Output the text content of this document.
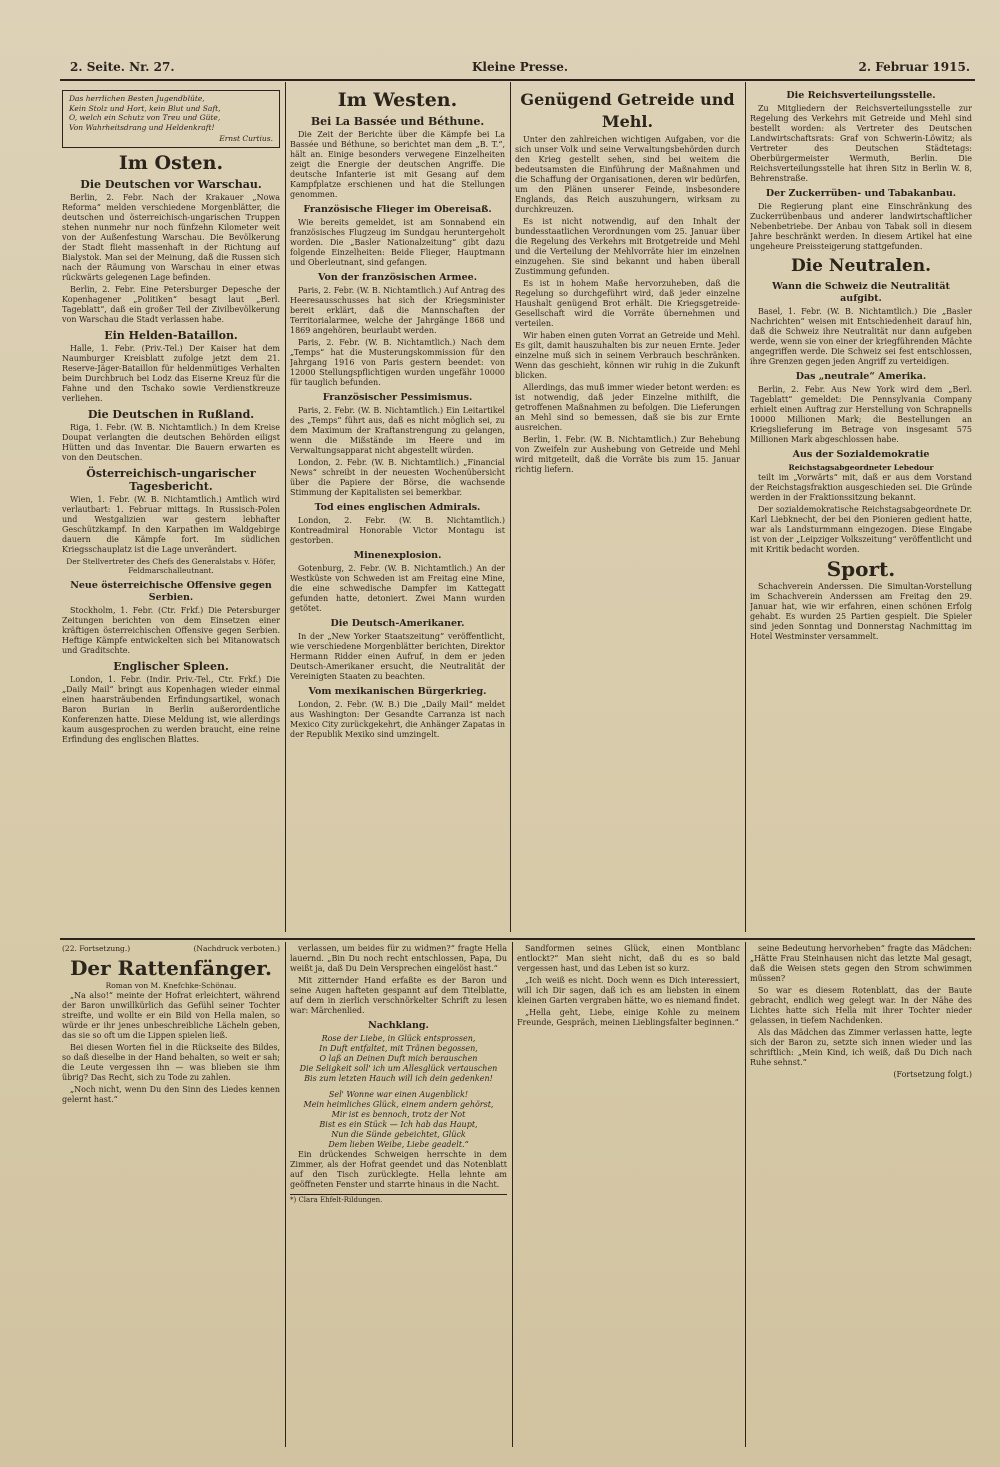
2. Seite. Nr. 27.	Kleine Presse.	2. Februar 1915.
Das herrlichen Besten Jugendblüte,
Kein Stolz und Hort, kein Blut und Saft,
O, welch ein Schutz von Treu und Güte,
Von Wahrheitsdrang und Heldenkraft!
Ernst Curtius.
Im Osten.
Die Deutschen vor Warschau.

Berlin, 2. Febr. Nach der Krakauer „Nowa Reforma“ melden verschiedene Morgenblätter, die deutschen und österreichisch-ungarischen Truppen stehen nunmehr nur noch fünfzehn Kilometer weit von der Außenfestung Warschau. Die Bevölkerung der Stadt flieht massenhaft in der Richtung auf Bialystok. Man sei der Meinung, daß die Russen sich nach der Räumung von Warschau in einer etwas rückwärts gelegenen Lage befinden.

Berlin, 2. Febr. Eine Petersburger Depesche der Kopenhagener „Politiken“ besagt laut „Berl. Tageblatt“, daß ein großer Teil der Zivilbevölkerung von Warschau die Stadt verlassen habe.

Ein Helden-Bataillon.

Halle, 1. Febr. (Priv.-Tel.) Der Kaiser hat dem Naumburger Kreisblatt zufolge jetzt dem 21. Reserve-Jäger-Bataillon für heldenmütiges Verhalten beim Durchbruch bei Lodz das Eiserne Kreuz für die Fahne und den Tschako sowie Verdienstkreuze verliehen.

Die Deutschen in Rußland.

Riga, 1. Febr. (W. B. Nichtamtlich.) In dem Kreise Doupat verlangten die deutschen Behörden eiligst Hütten und das Inventar. Die Bauern erwarten es von den Deutschen.

Österreichisch-ungarischer Tagesbericht.

Wien, 1. Febr. (W. B. Nichtamtlich.) Amtlich wird verlautbart: 1. Februar mittags. In Russisch-Polen und Westgalizien war gestern lebhafter Geschützkampf. In den Karpathen im Waldgebirge dauern die Kämpfe fort. Im südlichen Kriegsschauplatz ist die Lage unverändert.

Der Stellvertreter des Chefs des Generalstabs v. Höfer, Feldmarschalleutnant.

Neue österreichische Offensive gegen Serbien.

Stockholm, 1. Febr. (Ctr. Frkf.) Die Petersburger Zeitungen berichten von dem Einsetzen einer kräftigen österreichischen Offensive gegen Serbien. Heftige Kämpfe entwickelten sich bei Mitanowatsch und Graditschte.

Englischer Spleen.

London, 1. Febr. (Indir. Priv.-Tel., Ctr. Frkf.) Die „Daily Mail“ bringt aus Kopenhagen wieder einmal einen haarsträubenden Erfindungsartikel, wonach Baron Burian in Berlin außerordentliche Konferenzen hatte. Diese Meldung ist, wie allerdings kaum ausgesprochen zu werden braucht, eine reine Erfindung des englischen Blattes.

Im Westen.
Bei La Bassée und Béthune.

Die Zeit der Berichte über die Kämpfe bei La Bassée und Béthune, so berichtet man dem „B. T.“, hält an. Einige besonders verwegene Einzelheiten zeigt die Energie der deutschen Angriffe. Die deutsche Infanterie ist mit Gesang auf dem Kampfplatze erschienen und hat die Stellungen genommen.

Französische Flieger im Obereisaß.

Wie bereits gemeldet, ist am Sonnabend ein französisches Flugzeug im Sundgau heruntergeholt worden. Die „Basler Nationalzeitung“ gibt dazu folgende Einzelheiten: Beide Flieger, Hauptmann und Oberleutnant, sind gefangen.

Von der französischen Armee.

Paris, 2. Febr. (W. B. Nichtamtlich.) Auf Antrag des Heeresausschusses hat sich der Kriegsminister bereit erklärt, daß die Mannschaften der Territorialarmee, welche der Jahrgänge 1868 und 1869 angehören, beurlaubt werden.

Paris, 2. Febr. (W. B. Nichtamtlich.) Nach dem „Temps“ hat die Musterungskommission für den Jahrgang 1916 von Paris gestern beendet: von 12000 Stellungspflichtigen wurden ungefähr 10000 für tauglich befunden.

Französischer Pessimismus.

Paris, 2. Febr. (W. B. Nichtamtlich.) Ein Leitartikel des „Temps“ führt aus, daß es nicht möglich sei, zu dem Maximum der Kraftanstrengung zu gelangen, wenn die Mißstände im Heere und im Verwaltungsapparat nicht abgestellt würden.

London, 2. Febr. (W. B. Nichtamtlich.) „Financial News“ schreibt in der neuesten Wochenübersicht über die Papiere der Börse, die wachsende Stimmung der Kapitalisten sei bemerkbar.

Tod eines englischen Admirals.

London, 2. Febr. (W. B. Nichtamtlich.) Kontreadmiral Honorable Victor Montagu ist gestorben.

Minenexplosion.

Gotenburg, 2. Febr. (W. B. Nichtamtlich.) An der Westküste von Schweden ist am Freitag eine Mine, die eine schwedische Dampfer im Kattegatt gefunden hatte, detoniert. Zwei Mann wurden getötet.

Die Deutsch-Amerikaner.

In der „New Yorker Staatszeitung“ veröffentlicht, wie verschiedene Morgenblätter berichten, Direktor Hermann Ridder einen Aufruf, in dem er jeden Deutsch-Amerikaner ersucht, die Neutralität der Vereinigten Staaten zu beachten.

Vom mexikanischen Bürgerkrieg.

London, 2. Febr. (W. B.) Die „Daily Mail“ meldet aus Washington: Der Gesandte Carranza ist nach Mexico City zurückgekehrt, die Anhänger Zapatas in der Republik Mexiko sind umzingelt.

Genügend Getreide und Mehl.

Unter den zahlreichen wichtigen Aufgaben, vor die sich unser Volk und seine Verwaltungsbehörden durch den Krieg gestellt sehen, sind bei weitem die bedeutsamsten die Einführung der Maßnahmen und die Schaffung der Organisationen, deren wir bedürfen, um den Plänen unserer Feinde, insbesondere Englands, das Reich auszuhungern, wirksam zu durchkreuzen.

Es ist nicht notwendig, auf den Inhalt der bundesstaatlichen Verordnungen vom 25. Januar über die Regelung des Verkehrs mit Brotgetreide und Mehl und die Verteilung der Mehlvorräte hier im einzelnen einzugehen. Sie sind bekannt und haben überall Zustimmung gefunden.

Es ist in hohem Maße hervorzuheben, daß die Regelung so durchgeführt wird, daß jeder einzelne Haushalt genügend Brot erhält. Die Kriegsgetreide-Gesellschaft wird die Vorräte übernehmen und verteilen.

Wir haben einen guten Vorrat an Getreide und Mehl. Es gilt, damit hauszuhalten bis zur neuen Ernte. Jeder einzelne muß sich in seinem Verbrauch beschränken. Wenn das geschieht, können wir ruhig in die Zukunft blicken.

Allerdings, das muß immer wieder betont werden: es ist notwendig, daß jeder Einzelne mithilft, die getroffenen Maßnahmen zu befolgen. Die Lieferungen an Mehl sind so bemessen, daß sie bis zur Ernte ausreichen.

Berlin, 1. Febr. (W. B. Nichtamtlich.) Zur Behebung von Zweifeln zur Aushebung von Getreide und Mehl wird mitgeteilt, daß die Vorräte bis zum 15. Januar richtig liefern.

Die Reichsverteilungsstelle.

Zu Mitgliedern der Reichsverteilungsstelle zur Regelung des Verkehrs mit Getreide und Mehl sind bestellt worden: als Vertreter des Deutschen Landwirtschaftsrats: Graf von Schwerin-Löwitz; als Vertreter des Deutschen Städtetags: Oberbürgermeister Wermuth, Berlin. Die Reichsverteilungsstelle hat ihren Sitz in Berlin W. 8, Behrenstraße.

Der Zuckerrüben- und Tabakanbau.

Die Regierung plant eine Einschränkung des Zuckerrübenbaus und anderer landwirtschaftlicher Nebenbetriebe. Der Anbau von Tabak soll in diesem Jahre beschränkt werden. In diesem Artikel hat eine ungeheure Preissteigerung stattgefunden.

Die Neutralen.
Wann die Schweiz die Neutralität aufgibt.

Basel, 1. Febr. (W. B. Nichtamtlich.) Die „Basler Nachrichten“ weisen mit Entschiedenheit darauf hin, daß die Schweiz ihre Neutralität nur dann aufgeben werde, wenn sie von einer der kriegführenden Mächte angegriffen werde. Die Schweiz sei fest entschlossen, ihre Grenzen gegen jeden Angriff zu verteidigen.

Das „neutrale“ Amerika.

Berlin, 2. Febr. Aus New York wird dem „Berl. Tageblatt“ gemeldet: Die Pennsylvania Company erhielt einen Auftrag zur Herstellung von Schrapnells 10000 Millionen Mark; die Bestellungen an Kriegslieferung im Betrage von insgesamt 575 Millionen Mark abgeschlossen habe.

Aus der Sozialdemokratie
Reichstagsabgeordneter Lebedour

teilt im „Vorwärts“ mit, daß er aus dem Vorstand der Reichstagsfraktion ausgeschieden sei. Die Gründe werden in der Fraktionssitzung bekannt.

Der sozialdemokratische Reichstagsabgeordnete Dr. Karl Liebknecht, der bei den Pionieren gedient hatte, war als Landsturmmann eingezogen. Diese Eingabe ist von der „Leipziger Volkszeitung“ veröffentlicht und mit Kritik bedacht worden.

Sport.

Schachverein Anderssen. Die Simultan-Vorstellung im Schachverein Anderssen am Freitag den 29. Januar hat, wie wir erfahren, einen schönen Erfolg gehabt. Es wurden 25 Partien gespielt. Die Spieler sind jeden Sonntag und Donnerstag Nachmittag im Hotel Westminster versammelt.

(22. Fortsetzung.)	(Nachdruck verboten.)
Der Rattenfänger.
Roman von M. Knefchke-Schönau.

„Na also!“ meinte der Hofrat erleichtert, während der Baron unwillkürlich das Gefühl seiner Tochter streifte, und wollte er ein Bild von Hella malen, so würde er ihr jenes unbeschreibliche Lächeln geben, das sie so oft um die Lippen spielen ließ.

Bei diesen Worten fiel in die Rückseite des Bildes, so daß dieselbe in der Hand behalten, so weit er sah; die Leute vergessen ihn — was blieben sie ihm übrig? Das Recht, sich zu Tode zu zahlen.

„Noch nicht, wenn Du den Sinn des Liedes kennen gelernt hast.“

verlassen, um beides für zu widmen?“ fragte Hella lauernd. „Bin Du noch recht entschlossen, Papa, Du weißt ja, daß Du Dein Versprechen eingelöst hast.“

Mit zitternder Hand erfaßte es der Baron und seine Augen hafteten gespannt auf dem Titelblatte, auf dem in zierlich verschnörkelter Schrift zu lesen war: Märchenlied.

Nachklang.

Rose der Liebe, in Glück entsprossen,

In Duft entfaltet, mit Tränen begossen,

O laß an Deinen Duft mich berauschen

Die Seligkeit soll' ich um Allesglück vertauschen

Bis zum letzten Hauch will ich dein gedenken!

Sel' Wonne war einen Augenblick!

Mein heimliches Glück, einem andern gehörst,

Mir ist es bennoch, trotz der Not

Bist es ein Stück — Ich hab das Haupt,

Nun die Sünde gebeichtet, Glück

Dem lieben Weibe, Liebe geadelt.“

Ein drückendes Schweigen herrschte in dem Zimmer, als der Hofrat geendet und das Notenblatt auf den Tisch zurücklegte. Hella lehnte am geöffneten Fenster und starrte hinaus in die Nacht.

*) Clara Ehfelt-Rildungen.

Sandformen seines Glück, einen Montblanc entlockt?“ Man sieht nicht, daß du es so bald vergessen hast, und das Leben ist so kurz.

„Ich weiß es nicht. Doch wenn es Dich interessiert, will ich Dir sagen, daß ich es am liebsten in einem kleinen Garten vergraben hätte, wo es niemand findet.

„Hella geht, Liebe, einige Kohle zu meinem Freunde, Gespräch, meinen Lieblingsfalter beginnen.“

seine Bedeutung hervorheben“ fragte das Mädchen: „Hätte Frau Steinhausen nicht das letzte Mal gesagt, daß die Weisen stets gegen den Strom schwimmen müssen?

So war es diesem Rotenblatt, das der Baute gebracht, endlich weg gelegt war. In der Nähe des Lichtes hatte sich Hella mit ihrer Tochter nieder gelassen, in tiefem Nachdenken.

Als das Mädchen das Zimmer verlassen hatte, legte sich der Baron zu, setzte sich innen wieder und las schriftlich: „Mein Kind, ich weiß, daß Du Dich nach Ruhe sehnst.“

(Fortsetzung folgt.)
